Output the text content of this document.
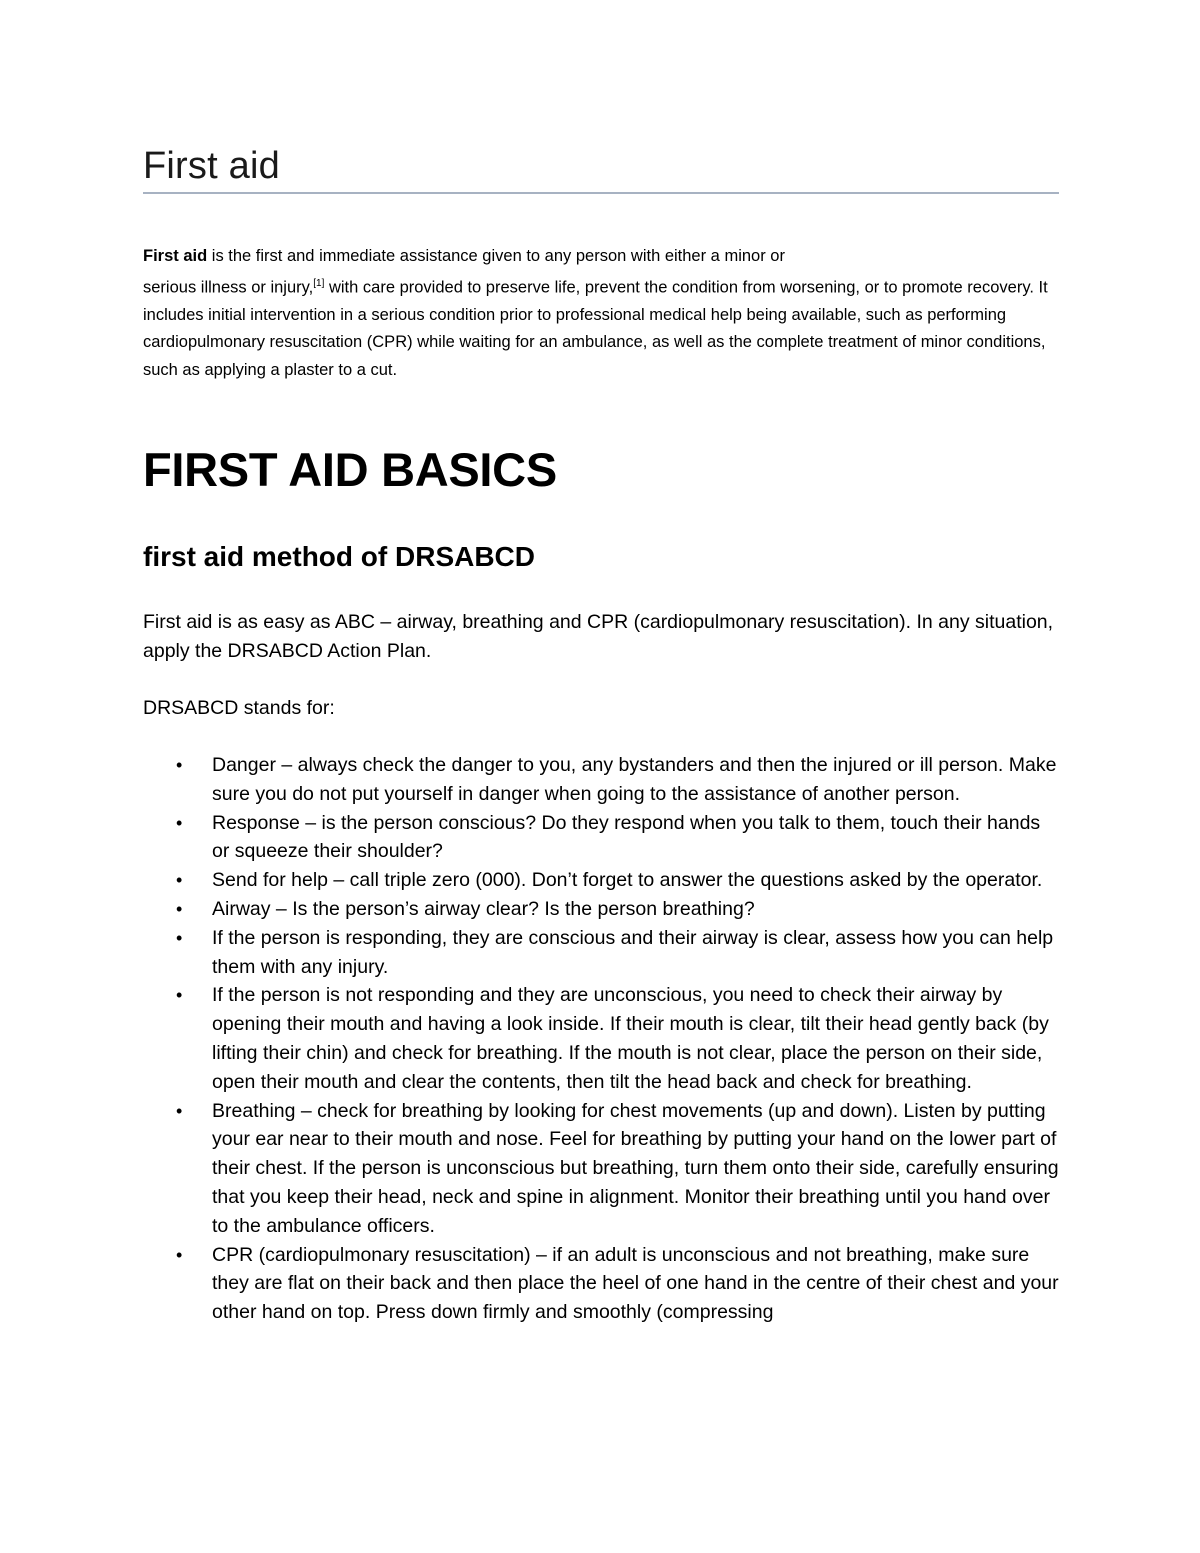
First aid

First aid is the first and immediate assistance given to any person with either a minor or
serious illness or injury,[1] with care provided to preserve life, prevent the condition from worsening, or to promote recovery. It includes initial intervention in a serious condition prior to professional medical help being available, such as performing cardiopulmonary resuscitation (CPR) while waiting for an ambulance, as well as the complete treatment of minor conditions, such as applying a plaster to a cut.

FIRST AID BASICS
first aid method of DRSABCD

First aid is as easy as ABC – airway, breathing and CPR (cardiopulmonary resuscitation). In any situation, apply the DRSABCD Action Plan.

DRSABCD stands for:

• Danger – always check the danger to you, any bystanders and then the injured or ill person. Make sure you do not put yourself in danger when going to the assistance of another person.
• Response – is the person conscious? Do they respond when you talk to them, touch their hands or squeeze their shoulder?
• Send for help – call triple zero (000). Don’t forget to answer the questions asked by the operator.
• Airway – Is the person’s airway clear? Is the person breathing?
• If the person is responding, they are conscious and their airway is clear, assess how you can help them with any injury.
• If the person is not responding and they are unconscious, you need to check their airway by opening their mouth and having a look inside. If their mouth is clear, tilt their head gently back (by lifting their chin) and check for breathing. If the mouth is not clear, place the person on their side, open their mouth and clear the contents, then tilt the head back and check for breathing.
• Breathing – check for breathing by looking for chest movements (up and down). Listen by putting your ear near to their mouth and nose. Feel for breathing by putting your hand on the lower part of their chest. If the person is unconscious but breathing, turn them onto their side, carefully ensuring that you keep their head, neck and spine in alignment. Monitor their breathing until you hand over to the ambulance officers.
• CPR (cardiopulmonary resuscitation) – if an adult is unconscious and not breathing, make sure they are flat on their back and then place the heel of one hand in the centre of their chest and your other hand on top. Press down firmly and smoothly (compressing
